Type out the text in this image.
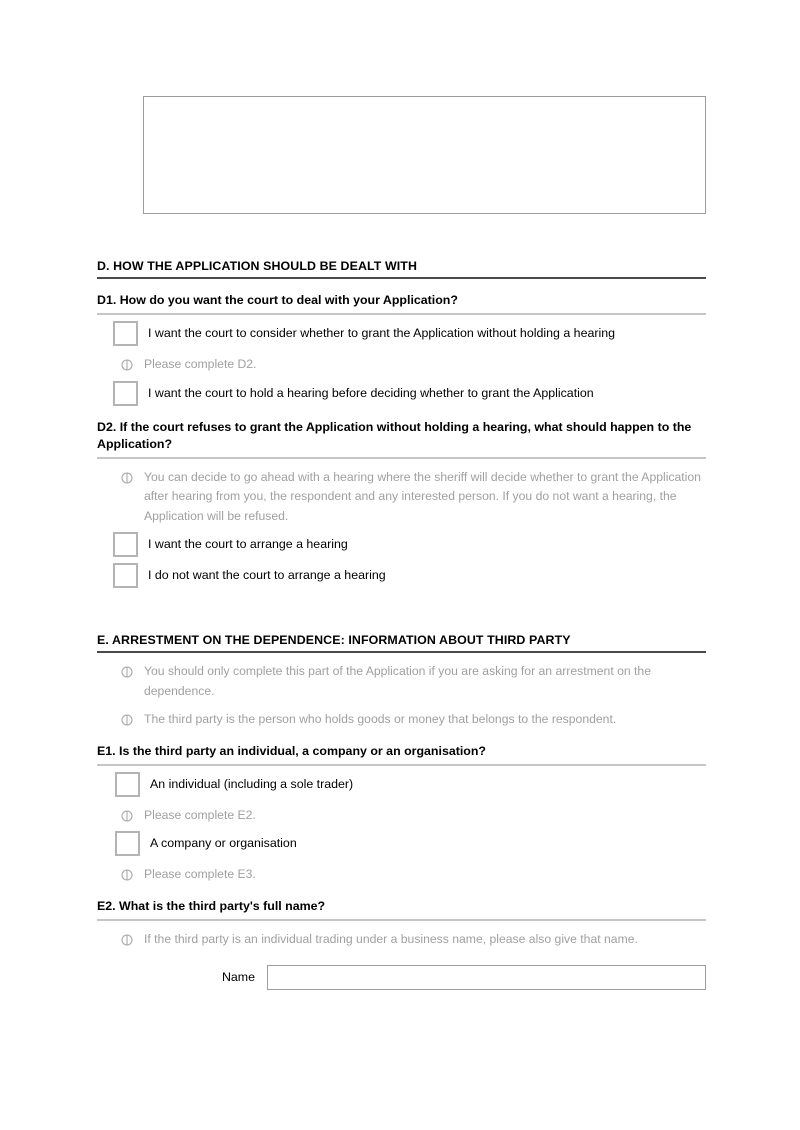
D. HOW THE APPLICATION SHOULD BE DEALT WITH
D1. How do you want the court to deal with your Application?
I want the court to consider whether to grant the Application without holding a hearing
Please complete D2.
I want the court to hold a hearing before deciding whether to grant the Application
D2. If the court refuses to grant the Application without holding a hearing, what should happen to the Application?
You can decide to go ahead with a hearing where the sheriff will decide whether to grant the Application after hearing from you, the respondent and any interested person. If you do not want a hearing, the Application will be refused.
I want the court to arrange a hearing
I do not want the court to arrange a hearing
E. ARRESTMENT ON THE DEPENDENCE: INFORMATION ABOUT THIRD PARTY
You should only complete this part of the Application if you are asking for an arrestment on the dependence.
The third party is the person who holds goods or money that belongs to the respondent.
E1. Is the third party an individual, a company or an organisation?
An individual (including a sole trader)
Please complete E2.
A company or organisation
Please complete E3.
E2. What is the third party's full name?
If the third party is an individual trading under a business name, please also give that name.
Name
